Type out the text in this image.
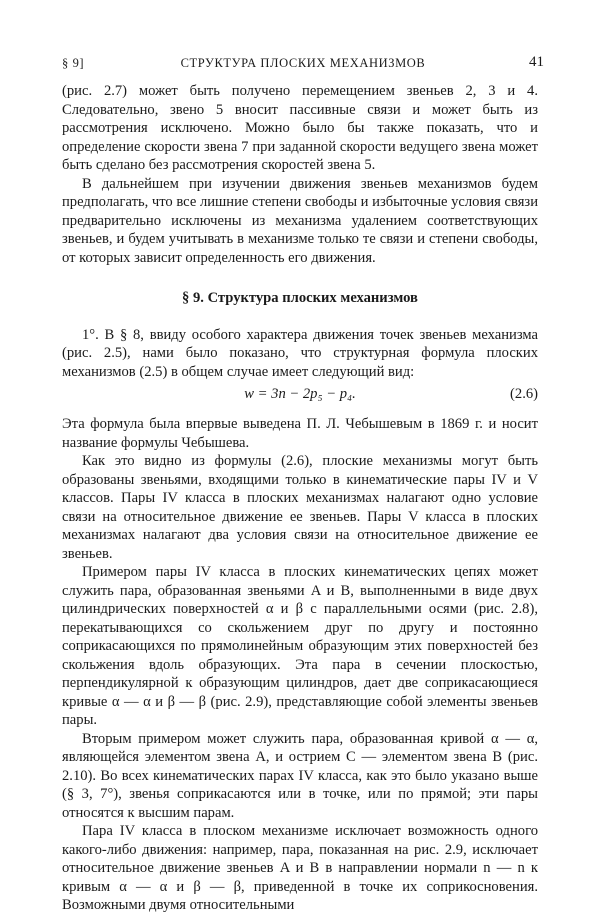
§ 9]	СТРУКТУРА ПЛОСКИХ МЕХАНИЗМОВ	41

(рис. 2.7) может быть получено перемещением звеньев 2, 3 и 4. Следовательно, звено 5 вносит пассивные связи и может быть из рассмотрения исключено. Можно было бы также показать, что и определение скорости звена 7 при заданной скорости ведущего звена может быть сделано без рассмотрения скоростей звена 5.

В дальнейшем при изучении движения звеньев механизмов будем предполагать, что все лишние степени свободы и избыточные условия связи предварительно исключены из механизма удалением соответствующих звеньев, и будем учитывать в механизме только те связи и степени свободы, от которых зависит определенность его движения.

§ 9. Структура плоских механизмов

1°. В § 8, ввиду особого характера движения точек звеньев механизма (рис. 2.5), нами было показано, что структурная формула плоских механизмов (2.5) в общем случае имеет следующий вид:

w = 3n − 2p₅ − p₄.	(2.6)

Эта формула была впервые выведена П. Л. Чебышевым в 1869 г. и носит название формулы Чебышева.

Как это видно из формулы (2.6), плоские механизмы могут быть образованы звеньями, входящими только в кинематические пары IV и V классов. Пары IV класса в плоских механизмах налагают одно условие связи на относительное движение ее звеньев. Пары V класса в плоских механизмах налагают два условия связи на относительное движение ее звеньев.

Примером пары IV класса в плоских кинематических цепях может служить пара, образованная звеньями A и B, выполненными в виде двух цилиндрических поверхностей α и β с параллельными осями (рис. 2.8), перекатывающихся со скольжением друг по другу и постоянно соприкасающихся по прямолинейным образующим этих поверхностей без скольжения вдоль образующих. Эта пара в сечении плоскостью, перпендикулярной к образующим цилиндров, дает две соприкасающиеся кривые α — α и β — β (рис. 2.9), представляющие собой элементы звеньев пары.

Вторым примером может служить пара, образованная кривой α — α, являющейся элементом звена A, и острием C — элементом звена B (рис. 2.10). Во всех кинематических парах IV класса, как это было указано выше (§ 3, 7°), звенья соприкасаются или в точке, или по прямой; эти пары относятся к высшим парам.

Пара IV класса в плоском механизме исключает возможность одного какого-либо движения: например, пара, показанная на рис. 2.9, исключает относительное движение звеньев A и B в направлении нормали n — n к кривым α — α и β — β, приведенной в точке их соприкосновения. Возможными двумя относительными
